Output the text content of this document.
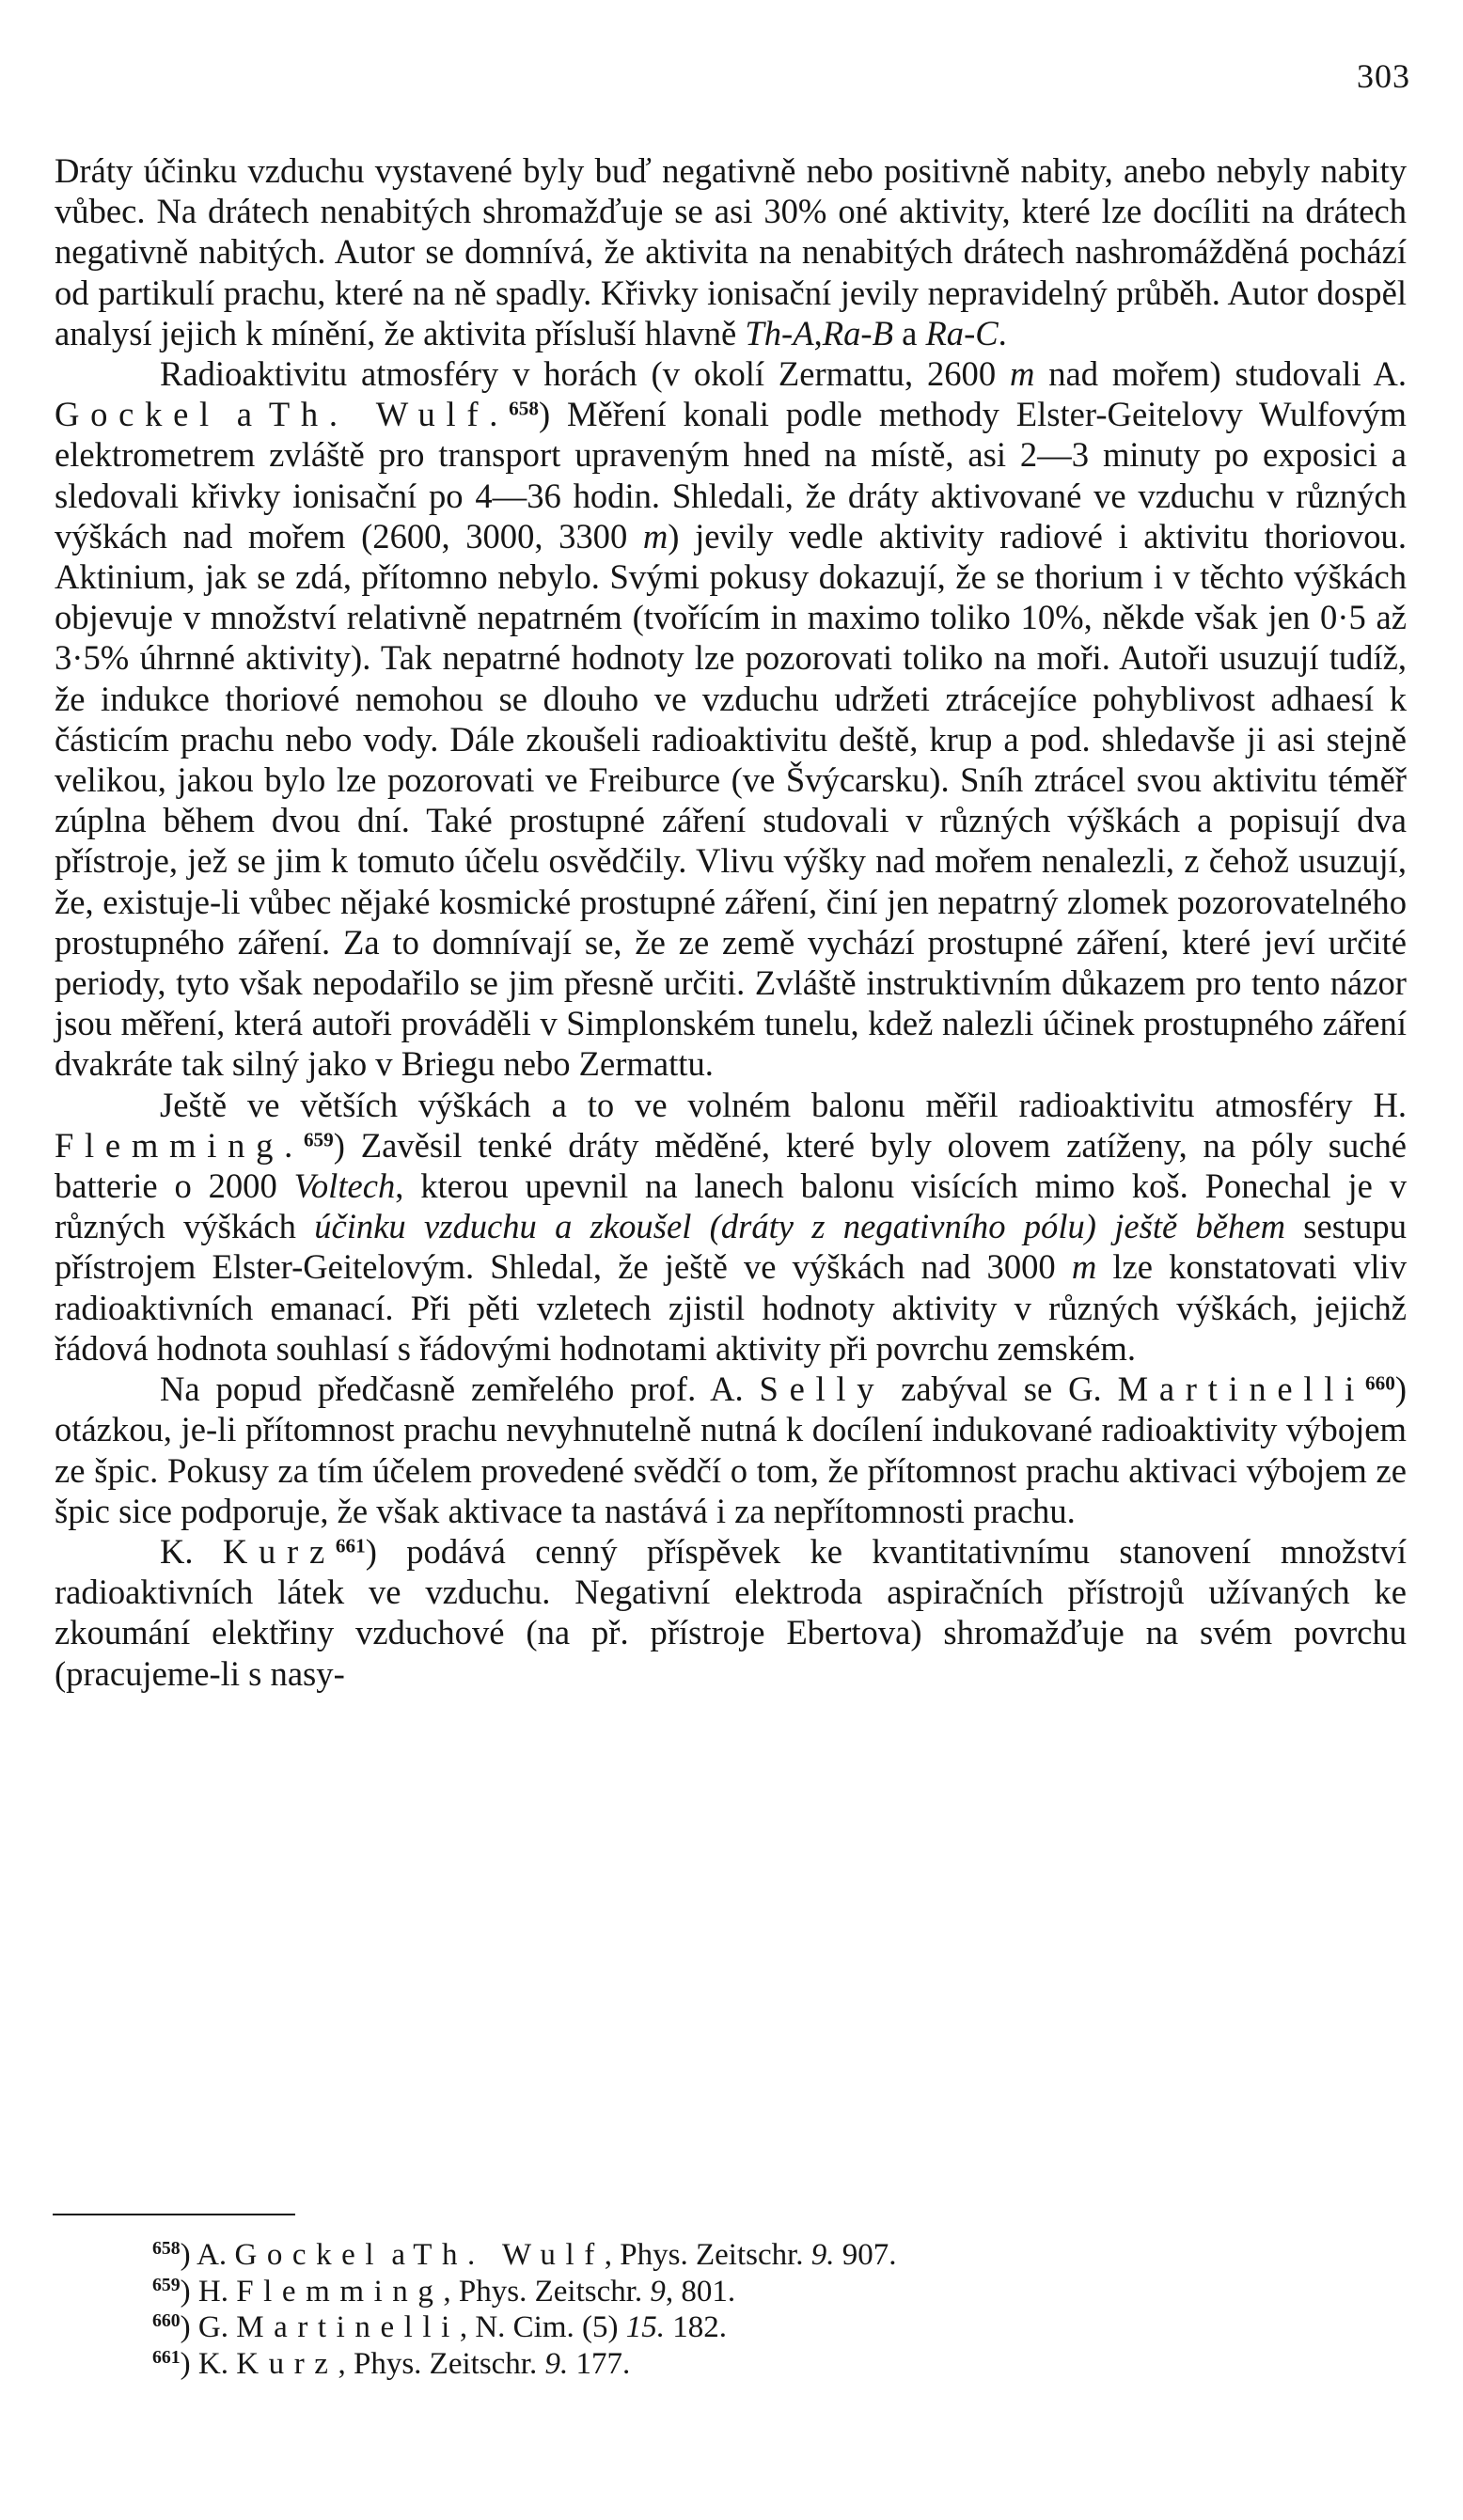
303

Dráty účinku vzduchu vystavené byly buď negativně nebo positivně nabity, anebo nebyly nabity vůbec. Na drátech nenabitých shromažďuje se asi 30% oné aktivity, které lze docíliti na drátech negativně nabitých. Autor se domnívá, že aktivita na nenabitých drátech nashromážděná pochází od partikulí prachu, které na ně spadly. Křivky ionisační jevily nepravidelný průběh. Autor dospěl analysí jejich k mínění, že aktivita přísluší hlavně Th-A,Ra-B a Ra-C.

Radioaktivitu atmosféry v horách (v okolí Zermattu, 2600 m nad mořem) studovali A. Gockel a Th. Wulf.$^{658}$) Měření konali podle methody Elster-Geitelovy Wulfovým elektrometrem zvláště pro transport upraveným hned na místě, asi 2—3 minuty po exposici a sledovali křivky ionisační po 4—36 hodin. Shledali, že dráty aktivované ve vzduchu v různých výškách nad mořem (2600, 3000, 3300 m) jevily vedle aktivity radiové i aktivitu thoriovou. Aktinium, jak se zdá, přítomno nebylo. Svými pokusy dokazují, že se thorium i v těchto výškách objevuje v množství relativně nepatrném (tvořícím in maximo toliko 10%, někde však jen 0·5 až 3·5% úhrnné aktivity). Tak nepatrné hodnoty lze pozorovati toliko na moři. Autoři usuzují tudíž, že indukce thoriové nemohou se dlouho ve vzduchu udržeti ztrácejíce pohyblivost adhaesí k částicím prachu nebo vody. Dále zkoušeli radioaktivitu deště, krup a pod. shledavše ji asi stejně velikou, jakou bylo lze pozorovati ve Freiburce (ve Švýcarsku). Sníh ztrácel svou aktivitu téměř zúplna během dvou dní. Také prostupné záření studovali v různých výškách a popisují dva přístroje, jež se jim k tomuto účelu osvědčily. Vlivu výšky nad mořem nenalezli, z čehož usuzují, že, existuje-li vůbec nějaké kosmické prostupné záření, činí jen nepatrný zlomek pozorovatelného prostupného záření. Za to domnívají se, že ze země vychází prostupné záření, které jeví určité periody, tyto však nepodařilo se jim přesně určiti. Zvláště instruktivním důkazem pro tento názor jsou měření, která autoři prováděli v Simplonském tunelu, kdež nalezli účinek prostupného záření dvakráte tak silný jako v Briegu nebo Zermattu.

Ještě ve větších výškách a to ve volném balonu měřil radioaktivitu atmosféry H. Flemming.$^{659}$) Zavěsil tenké dráty měděné, které byly olovem zatíženy, na póly suché batterie o 2000 Voltech, kterou upevnil na lanech balonu visících mimo koš. Ponechal je v různých výškách účinku vzduchu a zkoušel (dráty z negativního pólu) ještě během sestupu přístrojem Elster-Geitelovým. Shledal, že ještě ve výškách nad 3000 m lze konstatovati vliv radioaktivních emanací. Při pěti vzletech zjistil hodnoty aktivity v různých výškách, jejichž řádová hodnota souhlasí s řádovými hodnotami aktivity při povrchu zemském.

Na popud předčasně zemřelého prof. A. Selly zabýval se G. Martinelli$^{660}$) otázkou, je-li přítomnost prachu nevyhnutelně nutná k docílení indukované radioaktivity výbojem ze špic. Pokusy za tím účelem provedené svědčí o tom, že přítomnost prachu aktivaci výbojem ze špic sice podporuje, že však aktivace ta nastává i za nepřítomnosti prachu.

K. Kurz$^{661}$) podává cenný příspěvek ke kvantitativnímu stanovení množství radioaktivních látek ve vzduchu. Negativní elektroda aspiračních přístrojů užívaných ke zkoumání elektřiny vzduchové (na př. přístroje Ebertova) shromažďuje na svém povrchu (pracujeme-li s nasy-

$^{658}$) A. Gockel a Th. Wulf, Phys. Zeitschr. 9. 907.
$^{659}$) H. Flemming, Phys. Zeitschr. 9, 801.
$^{660}$) G. Martinelli, N. Cim. (5) 15. 182.
$^{661}$) K. Kurz, Phys. Zeitschr. 9. 177.
